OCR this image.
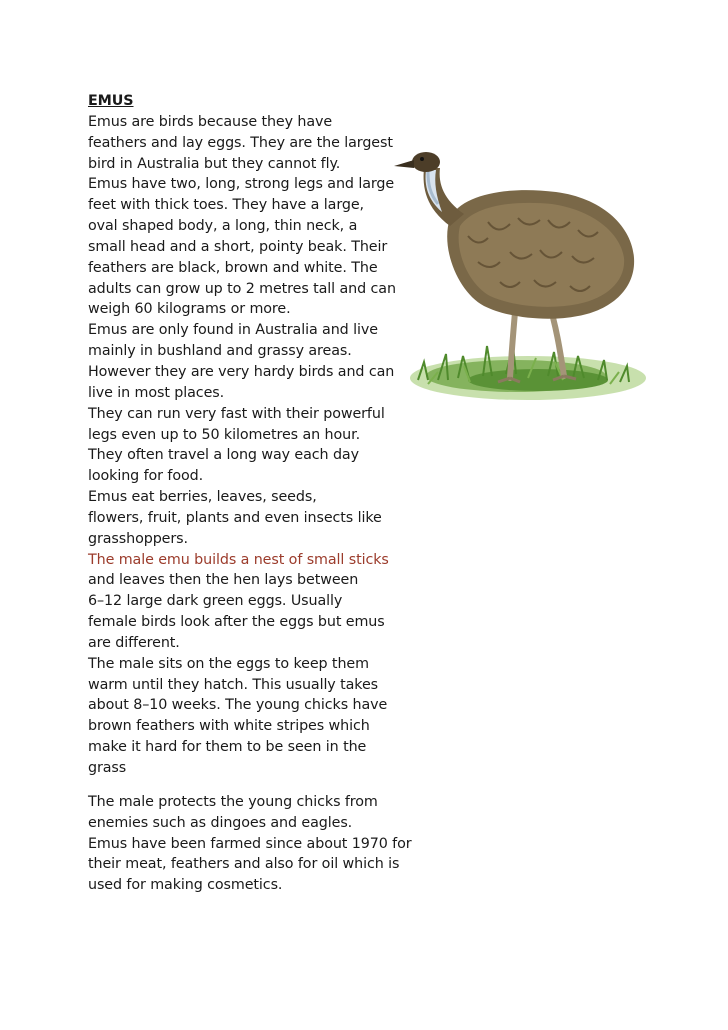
EMUS
Emus are birds because they have
feathers and lay eggs. They are the largest
bird in Australia but they cannot fly.
Emus have two, long, strong legs and large
feet with thick toes. They have a large,
oval shaped body, a long, thin neck, a
small head and a short, pointy beak. Their
feathers are black, brown and white. The
adults can grow up to 2 metres tall and can
weigh 60 kilograms or more.
Emus are only found in Australia and live
mainly in bushland and grassy areas.
However they are very hardy birds and can
live in most places.
They can run very fast with their powerful
legs even up to 50 kilometres an hour.
They often travel a long way each day
looking for food.
Emus eat berries, leaves, seeds,
flowers, fruit, plants and even insects like
grasshoppers.
The male emu builds a nest of small sticks
and leaves then the hen lays between
6–12 large dark green eggs. Usually
female birds look after the eggs but emus
are different.
The male sits on the eggs to keep them
warm until they hatch. This usually takes
about 8–10 weeks. The young chicks have
brown feathers with white stripes which
make it hard for them to be seen in the
grass
The male protects the young chicks from
enemies such as dingoes and eagles.
Emus have been farmed since about 1970 for
their meat, feathers and also for oil which is
used for making cosmetics.
